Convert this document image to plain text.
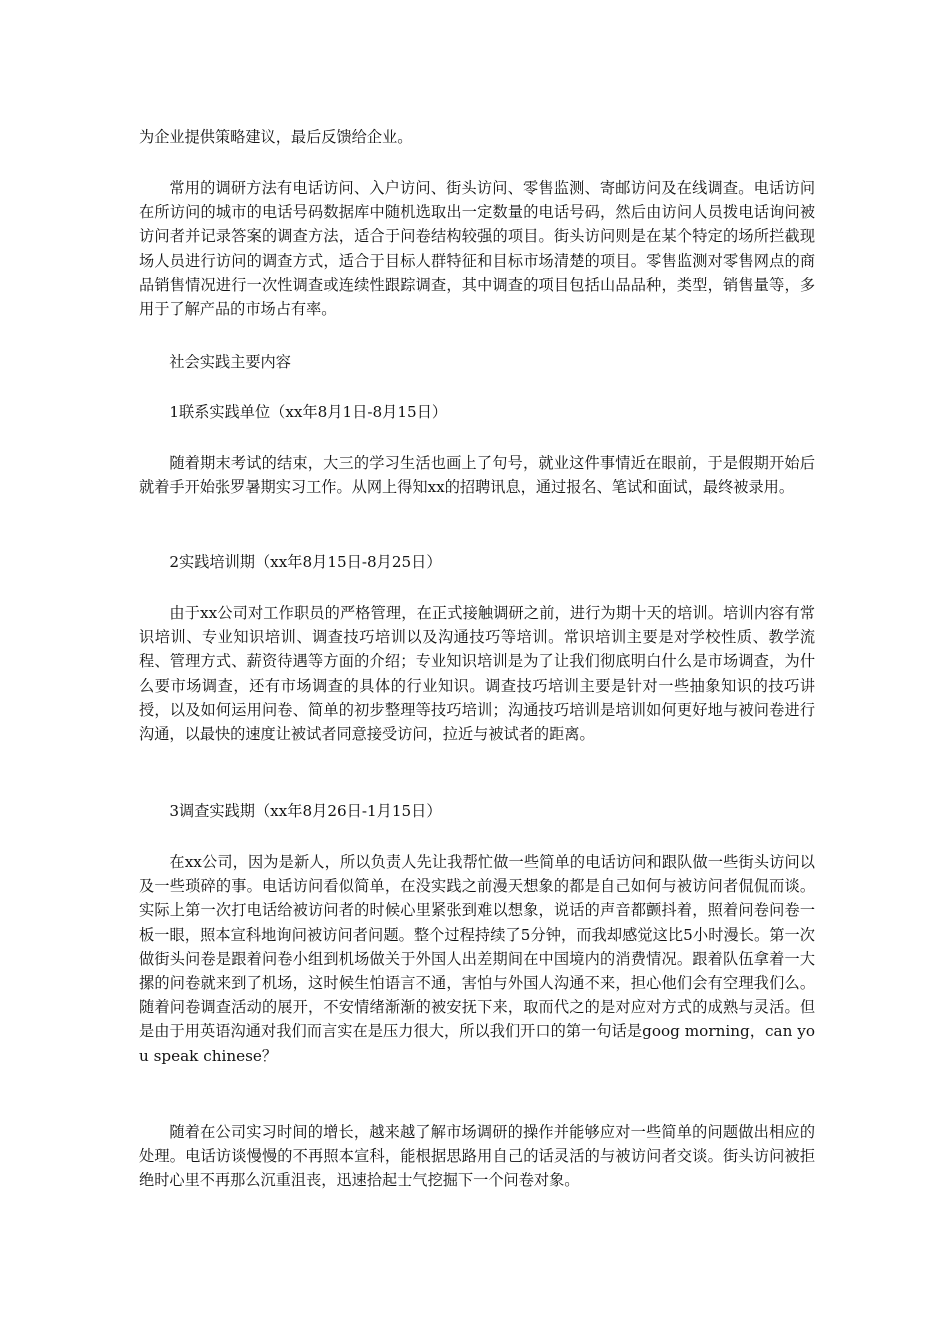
为企业提供策略建议，最后反馈给企业。

常用的调研方法有电话访问、入户访问、街头访问、零售监测、寄邮访问及在线调查。电话访问在所访问的城市的电话号码数据库中随机选取出一定数量的电话号码，然后由访问人员拨电话询问被访问者并记录答案的调查方法，适合于问卷结构较强的项目。街头访问则是在某个特定的场所拦截现场人员进行访问的调查方式，适合于目标人群特征和目标市场清楚的项目。零售监测对零售网点的商品销售情况进行一次性调查或连续性跟踪调查，其中调查的项目包括山品品种，类型，销售量等，多用于了解产品的市场占有率。

社会实践主要内容

1联系实践单位（xx年8月1日-8月15日）

随着期末考试的结束，大三的学习生活也画上了句号，就业这件事情近在眼前，于是假期开始后就着手开始张罗暑期实习工作。从网上得知xx的招聘讯息，通过报名、笔试和面试，最终被录用。

2实践培训期（xx年8月15日-8月25日）

由于xx公司对工作职员的严格管理，在正式接触调研之前，进行为期十天的培训。培训内容有常识培训、专业知识培训、调查技巧培训以及沟通技巧等培训。常识培训主要是对学校性质、教学流程、管理方式、薪资待遇等方面的介绍；专业知识培训是为了让我们彻底明白什么是市场调查，为什么要市场调查，还有市场调查的具体的行业知识。调查技巧培训主要是针对一些抽象知识的技巧讲授，以及如何运用问卷、简单的初步整理等技巧培训；沟通技巧培训是培训如何更好地与被问卷进行沟通，以最快的速度让被试者同意接受访问，拉近与被试者的距离。

3调查实践期（xx年8月26日-1月15日）

在xx公司，因为是新人，所以负责人先让我帮忙做一些简单的电话访问和跟队做一些街头访问以及一些琐碎的事。电话访问看似简单，在没实践之前漫天想象的都是自己如何与被访问者侃侃而谈。实际上第一次打电话给被访问者的时候心里紧张到难以想象，说话的声音都颤抖着，照着问卷问卷一板一眼，照本宣科地询问被访问者问题。整个过程持续了5分钟，而我却感觉这比5小时漫长。第一次做街头问卷是跟着问卷小组到机场做关于外国人出差期间在中国境内的消费情况。跟着队伍拿着一大摞的问卷就来到了机场，这时候生怕语言不通，害怕与外国人沟通不来，担心他们会有空理我们么。随着问卷调查活动的展开，不安情绪渐渐的被安抚下来，取而代之的是对应对方式的成熟与灵活。但是由于用英语沟通对我们而言实在是压力很大，所以我们开口的第一句话是goog morning，can you speak chinese？

随着在公司实习时间的增长，越来越了解市场调研的操作并能够应对一些简单的问题做出相应的处理。电话访谈慢慢的不再照本宣科，能根据思路用自己的话灵活的与被访问者交谈。街头访问被拒绝时心里不再那么沉重沮丧，迅速拾起士气挖掘下一个问卷对象。
